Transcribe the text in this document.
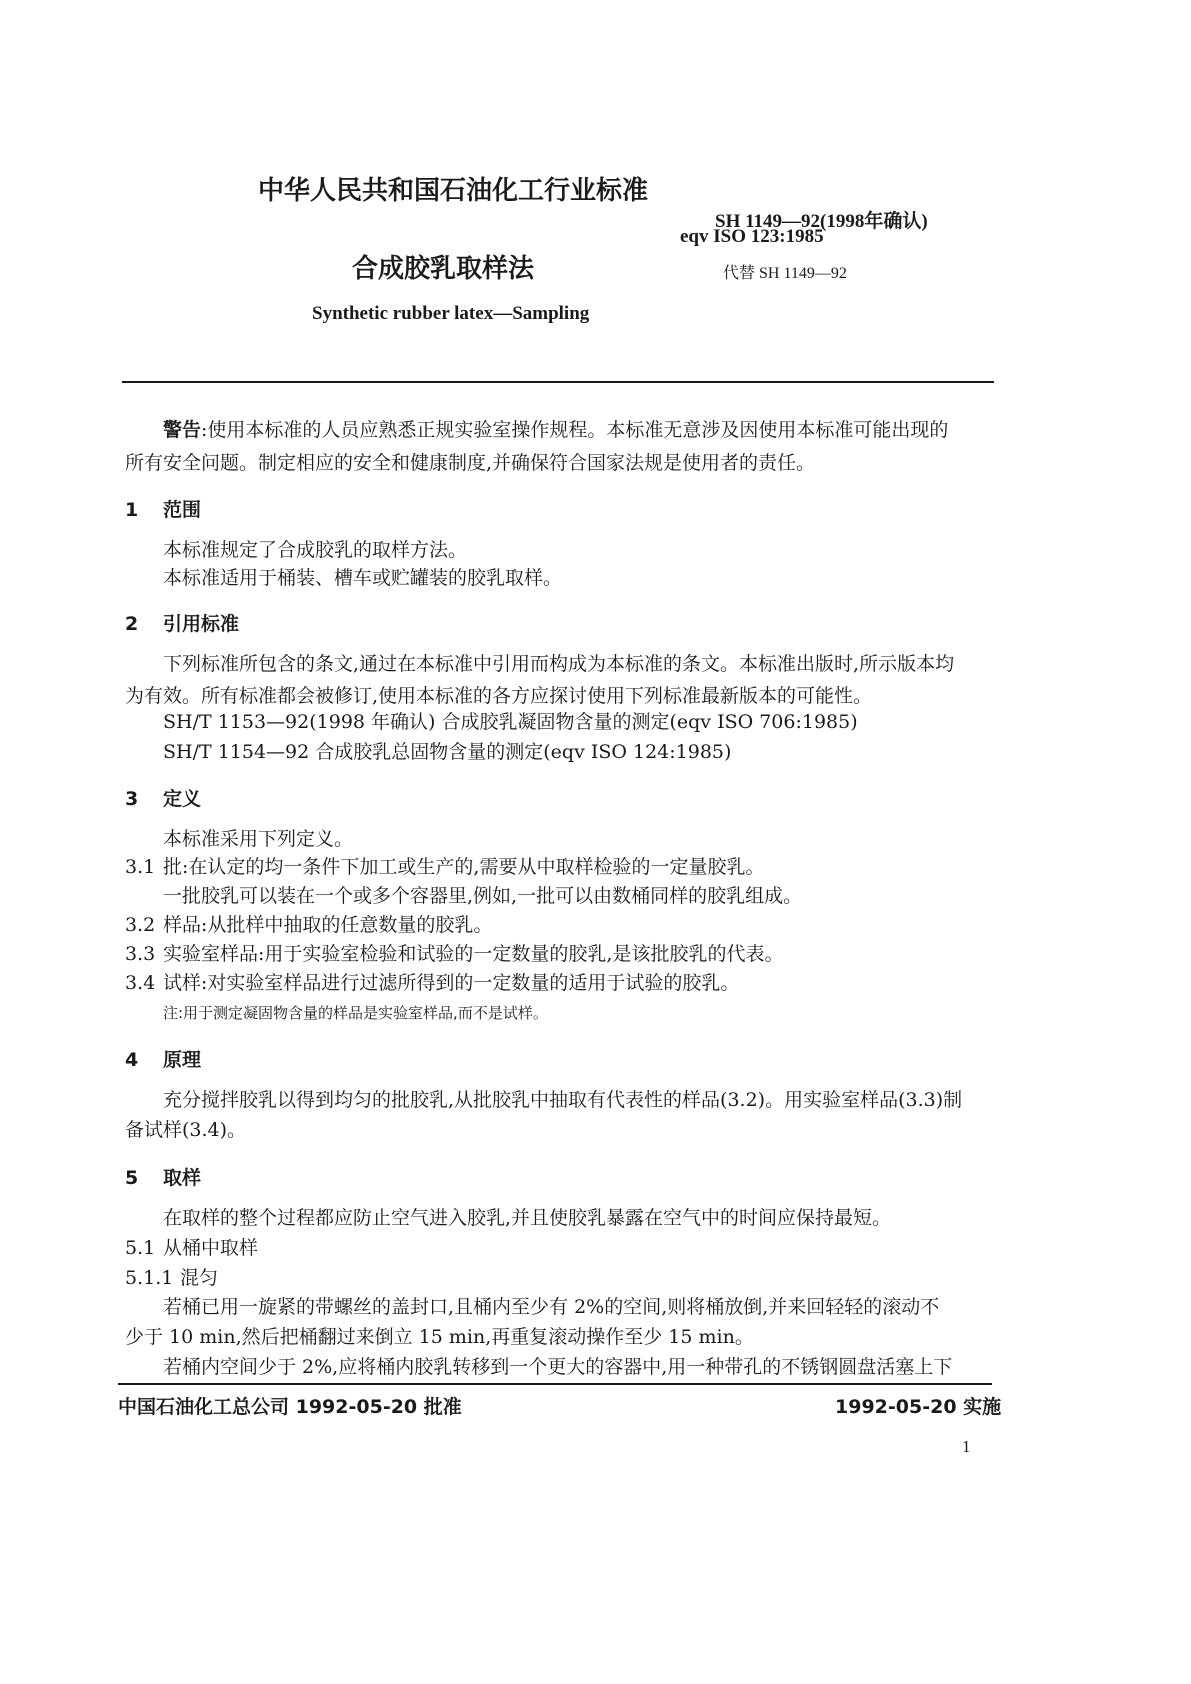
中华人民共和国石油化工行业标准
SH 1149—92(1998年确认)
eqv ISO 123:1985
合成胶乳取样法	代替 SH 1149—92
Synthetic rubber latex—Sampling
警告:使用本标准的人员应熟悉正规实验室操作规程。本标准无意涉及因使用本标准可能出现的
所有安全问题。制定相应的安全和健康制度,并确保符合国家法规是使用者的责任。
1 范围
本标准规定了合成胶乳的取样方法。
本标准适用于桶装、槽车或贮罐装的胶乳取样。
2 引用标准
下列标准所包含的条文,通过在本标准中引用而构成为本标准的条文。本标准出版时,所示版本均
为有效。所有标准都会被修订,使用本标准的各方应探讨使用下列标准最新版本的可能性。
SH/T 1153—92(1998 年确认) 合成胶乳凝固物含量的测定(eqv ISO 706:1985)
SH/T 1154—92 合成胶乳总固物含量的测定(eqv ISO 124:1985)
3 定义
本标准采用下列定义。
3.1 批:在认定的均一条件下加工或生产的,需要从中取样检验的一定量胶乳。
一批胶乳可以装在一个或多个容器里,例如,一批可以由数桶同样的胶乳组成。
3.2 样品:从批样中抽取的任意数量的胶乳。
3.3 实验室样品:用于实验室检验和试验的一定数量的胶乳,是该批胶乳的代表。
3.4 试样:对实验室样品进行过滤所得到的一定数量的适用于试验的胶乳。
注:用于测定凝固物含量的样品是实验室样品,而不是试样。
4 原理
充分搅拌胶乳以得到均匀的批胶乳,从批胶乳中抽取有代表性的样品(3.2)。用实验室样品(3.3)制
备试样(3.4)。
5 取样
在取样的整个过程都应防止空气进入胶乳,并且使胶乳暴露在空气中的时间应保持最短。
5.1 从桶中取样
5.1.1 混匀
若桶已用一旋紧的带螺丝的盖封口,且桶内至少有 2%的空间,则将桶放倒,并来回轻轻的滚动不
少于 10 min,然后把桶翻过来倒立 15 min,再重复滚动操作至少 15 min。
若桶内空间少于 2%,应将桶内胶乳转移到一个更大的容器中,用一种带孔的不锈钢圆盘活塞上下
中国石油化工总公司 1992-05-20 批准	1992-05-20 实施
1
